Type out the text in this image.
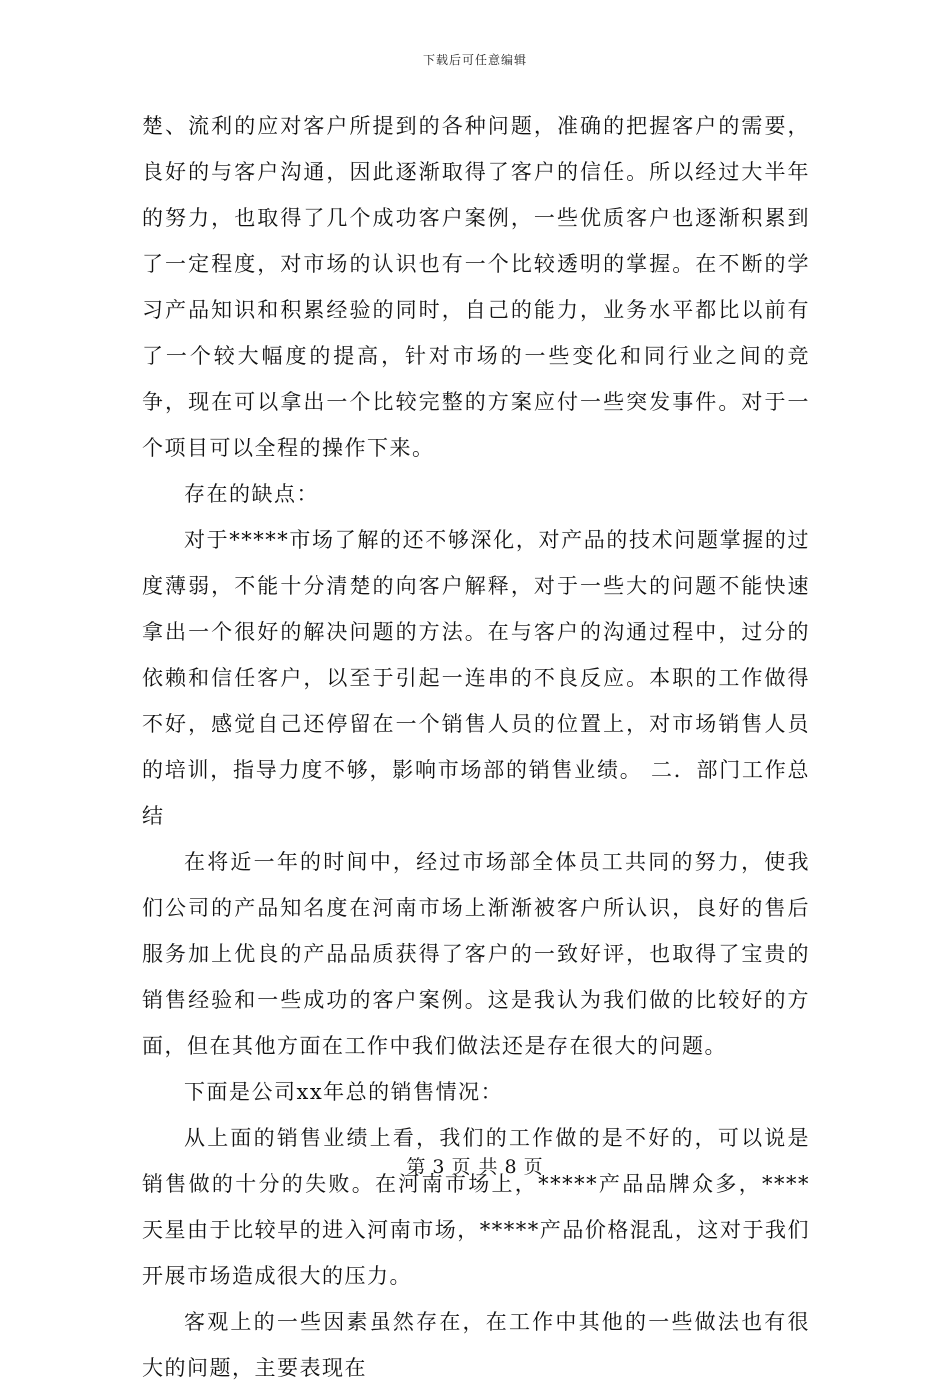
下载后可任意编辑

楚、流利的应对客户所提到的各种问题，准确的把握客户的需要，良好的与客户沟通，因此逐渐取得了客户的信任。所以经过大半年的努力，也取得了几个成功客户案例，一些优质客户也逐渐积累到了一定程度，对市场的认识也有一个比较透明的掌握。在不断的学习产品知识和积累经验的同时，自己的能力，业务水平都比以前有了一个较大幅度的提高，针对市场的一些变化和同行业之间的竞争，现在可以拿出一个比较完整的方案应付一些突发事件。对于一个项目可以全程的操作下来。

存在的缺点：

对于*****市场了解的还不够深化，对产品的技术问题掌握的过度薄弱，不能十分清楚的向客户解释，对于一些大的问题不能快速拿出一个很好的解决问题的方法。在与客户的沟通过程中，过分的依赖和信任客户，以至于引起一连串的不良反应。本职的工作做得不好，感觉自己还停留在一个销售人员的位置上，对市场销售人员的培训，指导力度不够，影响市场部的销售业绩。 二．部门工作总结

在将近一年的时间中，经过市场部全体员工共同的努力，使我们公司的产品知名度在河南市场上渐渐被客户所认识，良好的售后服务加上优良的产品品质获得了客户的一致好评，也取得了宝贵的销售经验和一些成功的客户案例。这是我认为我们做的比较好的方面，但在其他方面在工作中我们做法还是存在很大的问题。

下面是公司xx年总的销售情况：

从上面的销售业绩上看，我们的工作做的是不好的，可以说是销售做的十分的失败。在河南市场上，*****产品品牌众多，****天星由于比较早的进入河南市场，*****产品价格混乱，这对于我们开展市场造成很大的压力。

客观上的一些因素虽然存在，在工作中其他的一些做法也有很大的问题，主要表现在

第 3 页 共 8 页
